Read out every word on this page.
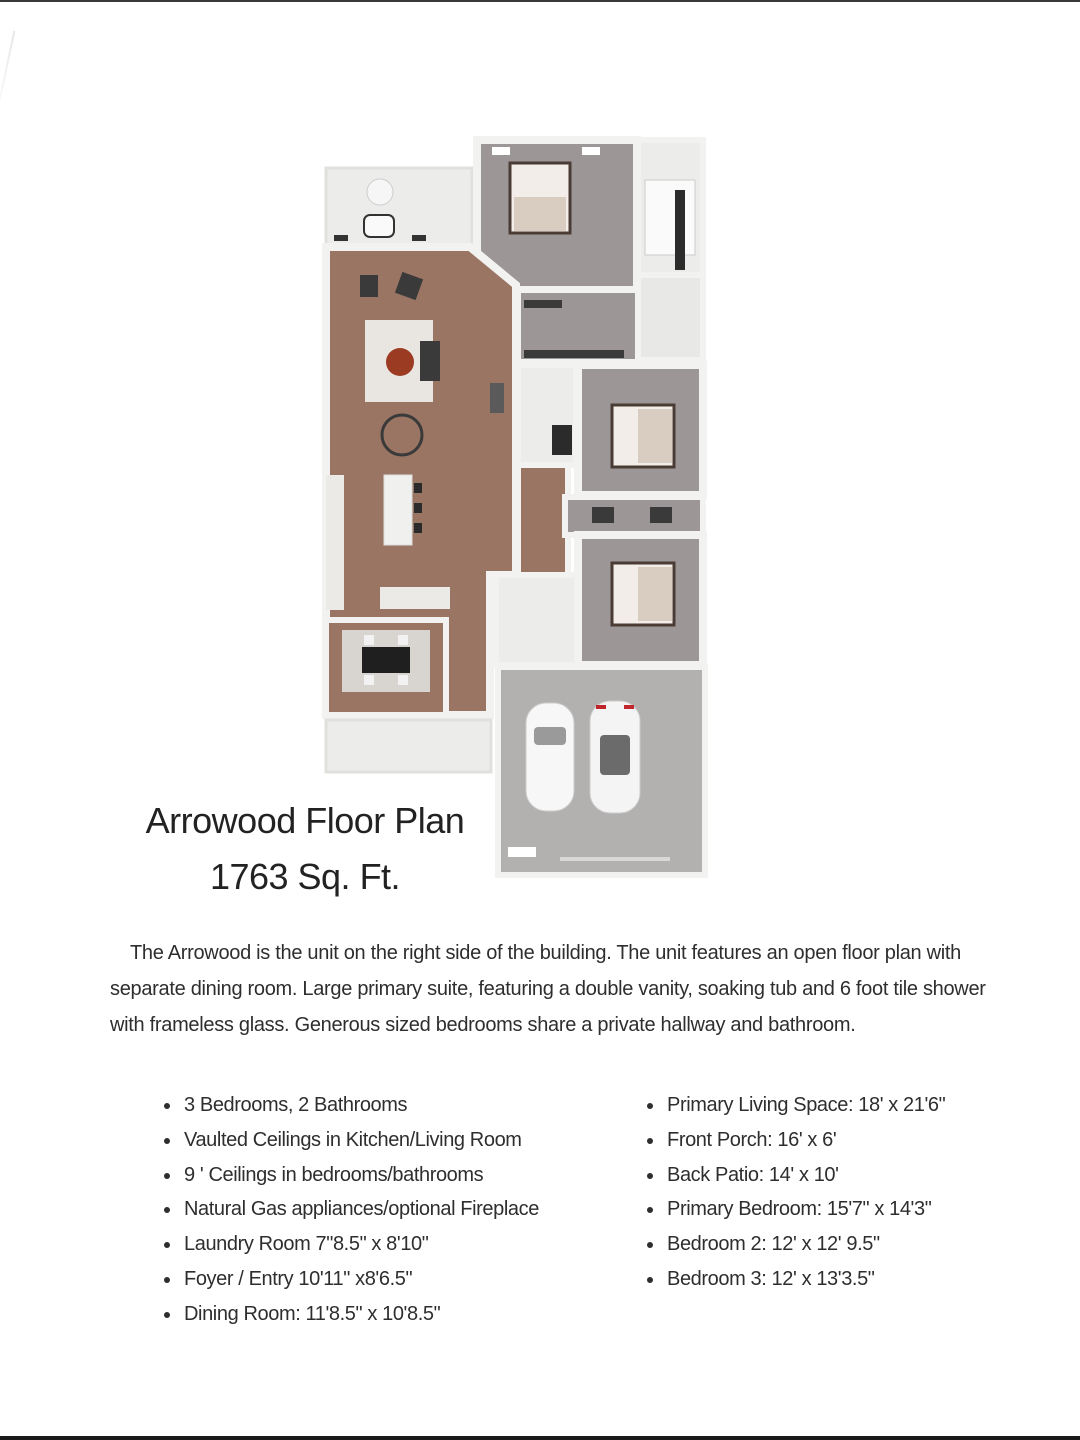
Arrowood Floor Plan
1763 Sq. Ft.

The Arrowood is the unit on the right side of the building. The unit features an open floor plan with separate dining room. Large primary suite, featuring a double vanity, soaking tub and 6 foot tile shower with frameless glass. Generous sized bedrooms share a private hallway and bathroom.

3 Bedrooms, 2 Bathrooms
Vaulted Ceilings in Kitchen/Living Room
9 ' Ceilings in bedrooms/bathrooms
Natural Gas appliances/optional Fireplace
Laundry Room 7"8.5" x 8'10"
Foyer / Entry 10'11" x8'6.5"
Dining Room: 11'8.5" x 10'8.5"
Primary Living Space: 18' x 21'6"
Front Porch: 16' x 6'
Back Patio: 14' x 10'
Primary Bedroom: 15'7" x 14'3"
Bedroom 2: 12' x 12' 9.5"
Bedroom 3: 12' x 13'3.5"
